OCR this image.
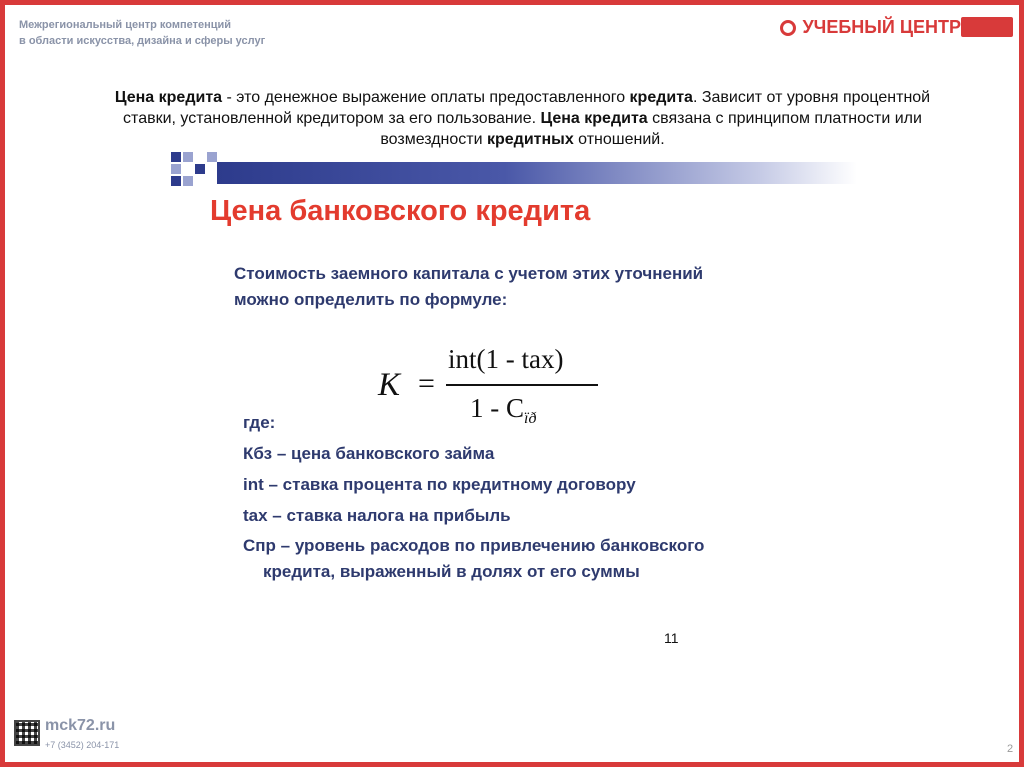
Межрегиональный центр компетенций
в области искусства, дизайна и сферы услуг
УЧЕБНЫЙ ЦЕНТР
Цена кредита - это денежное выражение оплаты предоставленного кредита. Зависит от уровня процентной ставки, установленной кредитором за его пользование. Цена кредита связана с принципом платности или возмездности кредитных отношений.
Цена банковского кредита
Стоимость заемного капитала с учетом этих уточнений
можно определить по формуле:
K =
int(1 - tax)
$1 - C_{ïð}$
где:
Кбз – цена банковского займа
int – ставка процента по кредитному договору
tax – ставка налога на прибыль
Спр – уровень расходов по привлечению банковского
кредита, выраженный в долях от его суммы
11
mck72.ru
+7 (3452) 204-171	2
